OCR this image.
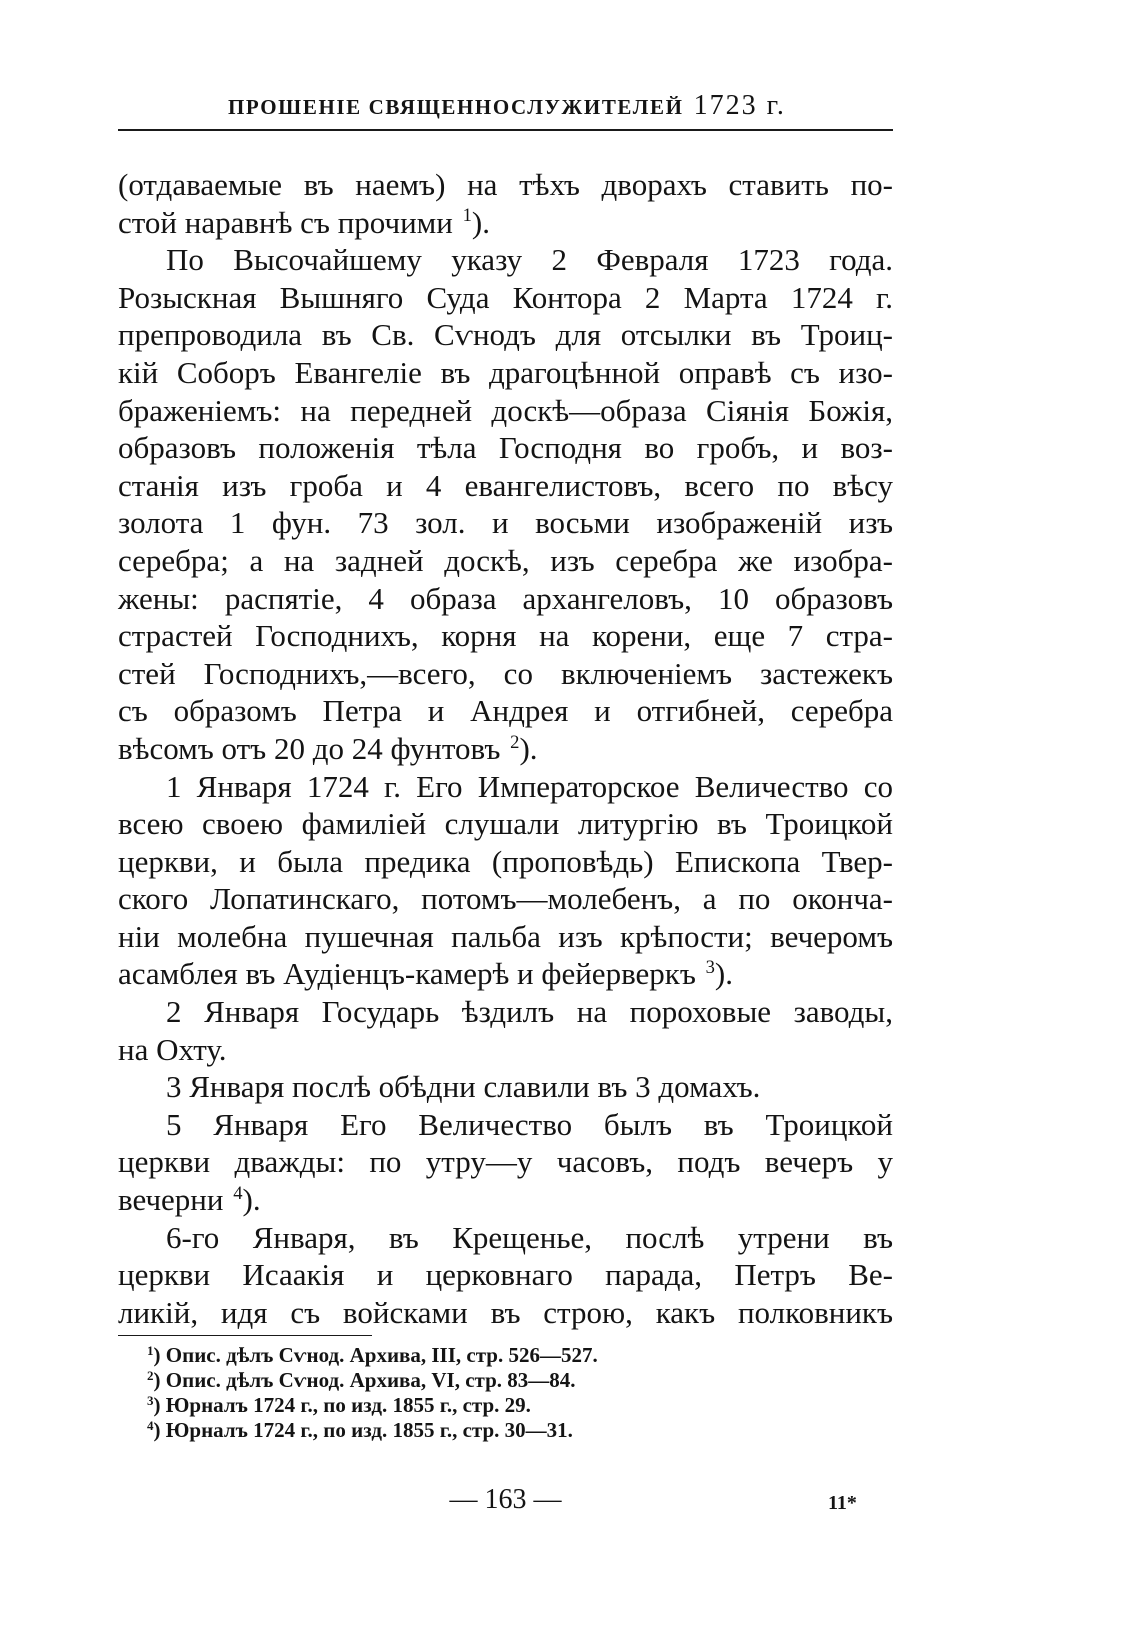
ПРОШЕНІЕ СВЯЩЕННОСЛУЖИТЕЛЕЙ 1723 г.
(отдаваемые въ наемъ) на тѣхъ дворахъ ставить по-
стой наравнѣ съ прочими $^1$).
По Высочайшему указу 2 Февраля 1723 года.
Розыскная Вышняго Суда Контора 2 Марта 1724 г.
препроводила въ Св. Сѵнодъ для отсылки въ Троиц-
кій Соборъ Евангеліе въ драгоцѣнной оправѣ съ изо-
браженіемъ: на передней доскѣ—образа Сіянія Божія,
образовъ положенія тѣла Господня во гробъ, и воз-
станія изъ гроба и 4 евангелистовъ, всего по вѣсу
золота 1 фун. 73 зол. и восьми изображеній изъ
серебра; а на задней доскѣ, изъ серебра же изобра-
жены: распятіе, 4 образа архангеловъ, 10 образовъ
страстей Господнихъ, корня на корени, еще 7 стра-
стей Господнихъ,—всего, со включеніемъ застежекъ
съ образомъ Петра и Андрея и отгибней, серебра
вѣсомъ отъ 20 до 24 фунтовъ $^2$).
1 Января 1724 г. Его Императорское Величество со
всею своею фамиліей слушали литургію въ Троицкой
церкви, и была предика (проповѣдь) Епископа Твер-
ского Лопатинскаго, потомъ—молебенъ, а по оконча-
ніи молебна пушечная пальба изъ крѣпости; вечеромъ
асамблея въ Аудіенцъ-камерѣ и фейерверкъ $^3$).
2 Января Государь ѣздилъ на пороховые заводы,
на Охту.
3 Января послѣ обѣдни славили въ 3 домахъ.
5 Января Его Величество былъ въ Троицкой
церкви дважды: по утру—у часовъ, подъ вечеръ у
вечерни $^4$).
6-го Января, въ Крещенье, послѣ утрени въ
церкви Исаакія и церковнаго парада, Петръ Ве-
ликій, идя съ войсками въ строю, какъ полковникъ
$^1$) Опис. дѣлъ Сѵнод. Архива, III, стр. 526—527.
$^2$) Опис. дѣлъ Сѵнод. Архива, VI, стр. 83—84.
$^3$) Юрналъ 1724 г., по изд. 1855 г., стр. 29.
$^4$) Юрналъ 1724 г., по изд. 1855 г., стр. 30—31.
— 163 —	11*
